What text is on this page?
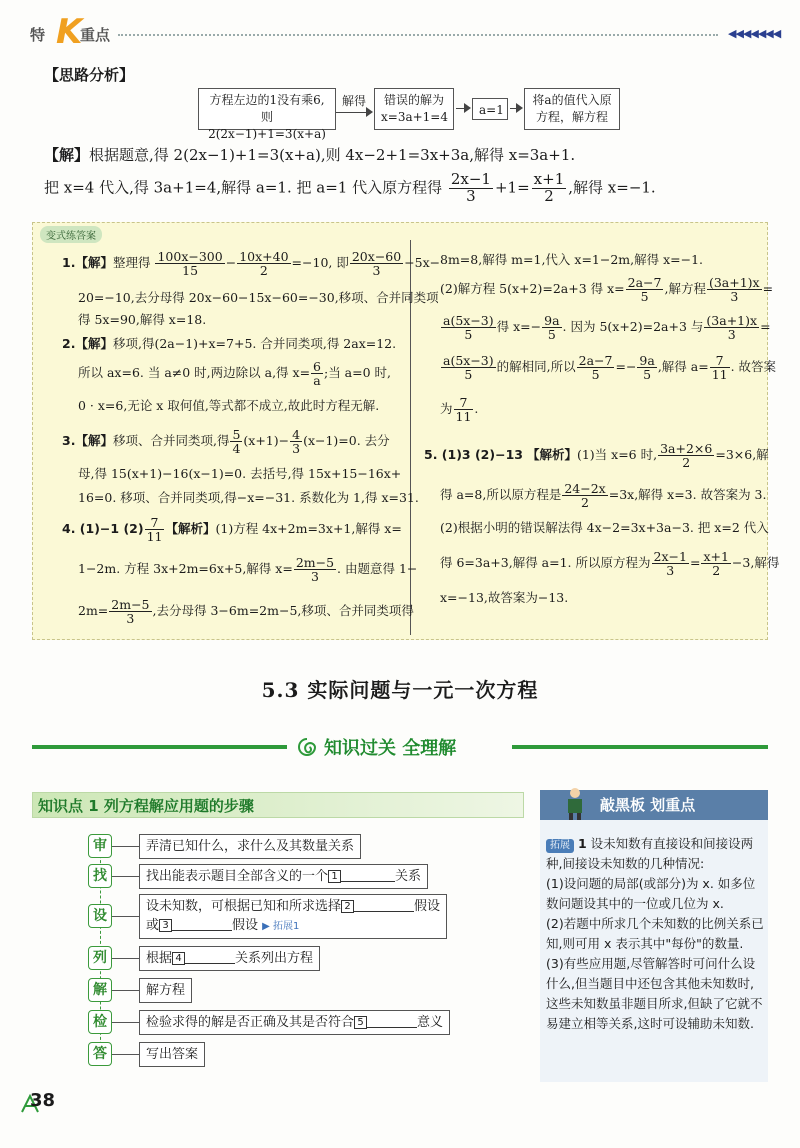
特 K
重点	◀◀◀◀◀◀◀
【思路分析】
方程左边的1没有乘6,
则2(2x−1)+1=3(x+a)
解得 错误的解为
x=3a+1=4	a=1
将a的值代入原
方程，解方程
【解】根据题意,得 2(2x−1)+1=3(x+a),则 4x−2+1=3x+3a,解得 x=3a+1.
把 x=4 代入,得 3a+1=4,解得 a=1. 把 a=1 代入原方程得 $\frac{2x-1}{3} +1= \frac{x+1}{2}$ ,解得 x=−1.
变式练答案
1.【解】整理得 $\frac{100x-300}{15} - \frac{10x+40}{2} =-10$, 即 $\frac{20x-60}{3} -5x-$
20=−10,去分母得 20x−60−15x−60=−30,移项、合并同类项
得 5x=90,解得 x=18.
2.【解】移项,得(2a−1)+x=7+5. 合并同类项,得 2ax=12.
所以 ax=6. 当 a≠0 时,两边除以 a,得 $x= \frac{6}{a}$ ;当 a=0 时,
0 · x=6,无论 x 取何值,等式都不成立,故此时方程无解.
3.【解】移项、合并同类项,得 $\frac{5}{4} (x+1)- \frac{4}{3} (x-1)=0$. 去分
母,得 15(x+1)−16(x−1)=0. 去括号,得 15x+15−16x+
16=0. 移项、合并同类项,得−x=−31. 系数化为 1,得 x=31.
4. (1)−1 $(2) \frac{7}{11}$ 【解析】(1)方程 4x+2m=3x+1,解得 x=
1−2m. 方程 3x+2m=6x+5,解得 $x= \frac{2m-5}{3}$ . 由题意得 1−
$2m= \frac{2m-5}{3}$ ,去分母得 3−6m=2m−5,移项、合并同类项得
8m=8,解得 m=1,代入 x=1−2m,解得 x=−1.
(2)解方程 5(x+2)=2a+3 得 $x= \frac{2a-7}{5}$ ,解方程 $\frac{(3a+1)x}{3}$ =
$\frac{a(5x-3)}{5}$ 得 $x=- \frac{9a}{5}$ . 因为 5(x+2)=2a+3 与 $\frac{(3a+1)x}{3}$ =
$\frac{a(5x-3)}{5}$ 的解相同,所以 $\frac{2a-7}{5} =- \frac{9a}{5}$ ,解得 $a= \frac{7}{11}$ . 故答案
为 $\frac{7}{11}$ .
5. (1)3 (2)−13 【解析】(1)当 x=6 时, $\frac{3a+2\times 6}{2} =3\times 6$,解
得 a=8,所以原方程是 $\frac{24-2x}{2} =3x$,解得 x=3. 故答案为 3.
(2)根据小明的错误解法得 4x−2=3x+3a−3. 把 x=2 代入
得 6=3a+3,解得 a=1. 所以原方程为 $\frac{2x-1}{3} = \frac{x+1}{2} -3$,解得
x=−13,故答案为−13.
5.3 实际问题与一元一次方程
知识过关 全理解
知识点 1 列方程解应用题的步骤
审	弄清已知什么，求什么及其数量关系
找	找出能表示题目全部含义的一个 1	关系
设
设未知数，可根据已知和所求选择 2	假设
或 3	假设 ▶ 拓展1
列	根据 4	关系列出方程
解	解方程
检	检验求得的解是否正确及其是否符合 5	意义
答	写出答案
敲黑板 划重点
拓展 1 设未知数有直接设和间接设两种,间接设未知数的几种情况:
(1)设问题的局部(或部分)为 x. 如多位数问题设其中的一位或几位为 x.
(2)若题中所求几个未知数的比例关系已知,则可用 x 表示其中"每份"的数量.
(3)有些应用题,尽管解答时可问什么设什么,但当题目中还包含其他未知数时,这些未知数虽非题目所求,但缺了它就不易建立相等关系,这时可设辅助未知数.
38
